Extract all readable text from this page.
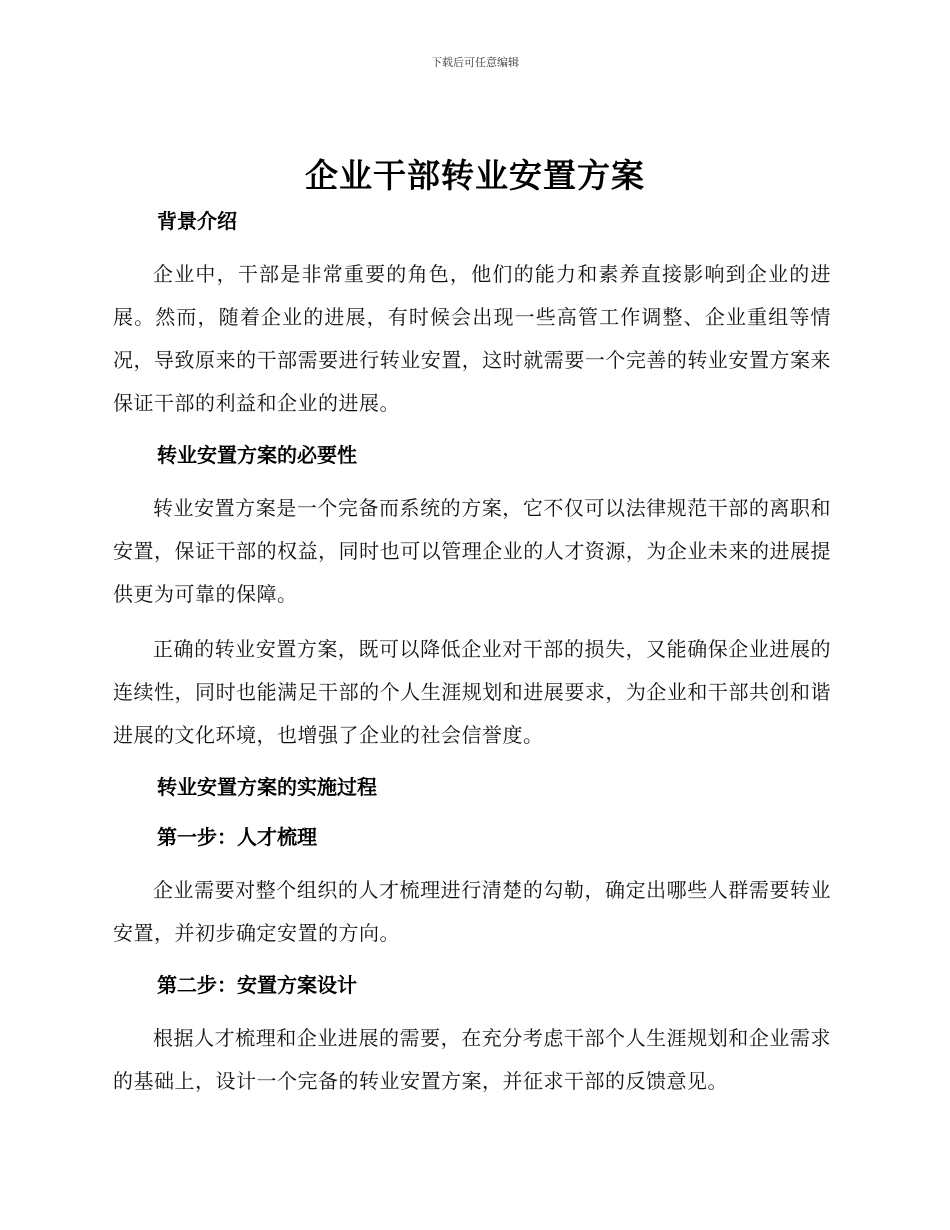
下载后可任意编辑
企业干部转业安置方案
背景介绍

企业中，干部是非常重要的角色，他们的能力和素养直接影响到企业的进展。然而，随着企业的进展，有时候会出现一些高管工作调整、企业重组等情况，导致原来的干部需要进行转业安置，这时就需要一个完善的转业安置方案来保证干部的利益和企业的进展。

转业安置方案的必要性

转业安置方案是一个完备而系统的方案，它不仅可以法律规范干部的离职和安置，保证干部的权益，同时也可以管理企业的人才资源，为企业未来的进展提供更为可靠的保障。

正确的转业安置方案，既可以降低企业对干部的损失，又能确保企业进展的连续性，同时也能满足干部的个人生涯规划和进展要求，为企业和干部共创和谐进展的文化环境，也增强了企业的社会信誉度。

转业安置方案的实施过程
第一步：人才梳理

企业需要对整个组织的人才梳理进行清楚的勾勒，确定出哪些人群需要转业安置，并初步确定安置的方向。

第二步：安置方案设计

根据人才梳理和企业进展的需要，在充分考虑干部个人生涯规划和企业需求的基础上，设计一个完备的转业安置方案，并征求干部的反馈意见。
